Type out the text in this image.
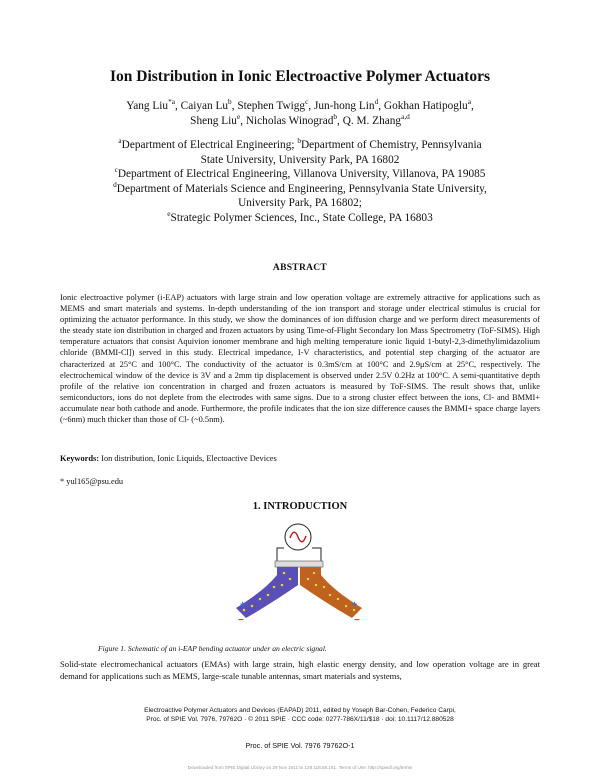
Ion Distribution in Ionic Electroactive Polymer Actuators
Yang Liu$^{*a}$, Caiyan Lu$^b$, Stephen Twigg$^c$, Jun-hong Lin$^d$, Gokhan Hatipoglu$^a$,
Sheng Liu$^e$, Nicholas Winograd$^b$, Q. M. Zhang$^{a,d}$
$^a$Department of Electrical Engineering; $^b$Department of Chemistry, Pennsylvania State University, University Park, PA 16802
$^c$Department of Electrical Engineering, Villanova University, Villanova, PA 19085
$^d$Department of Materials Science and Engineering, Pennsylvania State University, University Park, PA 16802;
$^e$Strategic Polymer Sciences, Inc., State College, PA 16803
ABSTRACT
Ionic electroactive polymer (i-EAP) actuators with large strain and low operation voltage are extremely attractive for applications such as MEMS and smart materials and systems. In-depth understanding of the ion transport and storage under electrical stimulus is crucial for optimizing the actuator performance. In this study, we show the dominances of ion diffusion charge and we perform direct measurements of the steady state ion distribution in charged and frozen actuators by using Time-of-Flight Secondary Ion Mass Spectrometry (ToF-SIMS). High temperature actuators that consist Aquivion ionomer membrane and high melting temperature ionic liquid 1-butyl-2,3-dimethylimidazolium chloride (BMMI-Cl]) served in this study. Electrical impedance, I-V characteristics, and potential step charging of the actuator are characterized at 25°C and 100°C. The conductivity of the actuator is 0.3mS/cm at 100°C and 2.9μS/cm at 25°C, respectively. The electrochemical window of the device is 3V and a 2mm tip displacement is observed under 2.5V 0.2Hz at 100°C. A semi-quantitative depth profile of the relative ion concentration in charged and frozen actuators is measured by ToF-SIMS. The result shows that, unlike semiconductors, ions do not deplete from the electrodes with same signs. Due to a strong cluster effect between the ions, Cl- and BMMI+ accumulate near both cathode and anode. Furthermore, the profile indicates that the ion size difference causes the BMMI+ space charge layers (~6nm) much thicker than those of Cl- (~0.5nm).
Keywords: Ion distribution, Ionic Liquids, Electoactive Devices
* yul165@psu.edu
1. INTRODUCTION
+
−
+
−
Figure 1. Schematic of an i-EAP bending actuator under an electric signal.
Solid-state electromechanical actuators (EMAs) with large strain, high elastic energy density, and low operation voltage are in great demand for applications such as MEMS, large-scale tunable antennas, smart materials and systems,
Electroactive Polymer Actuators and Devices (EAPAD) 2011, edited by Yoseph Bar-Cohen, Federico Carpi,
Proc. of SPIE Vol. 7976, 79762O · © 2011 SPIE · CCC code: 0277-786X/11/$18 · doi: 10.1117/12.880528
Proc. of SPIE Vol. 7976 79762O-1
Downloaded from SPIE Digital Library on 29 Nov 2011 to 128.118.88.161. Terms of Use: http://spiedl.org/terms
